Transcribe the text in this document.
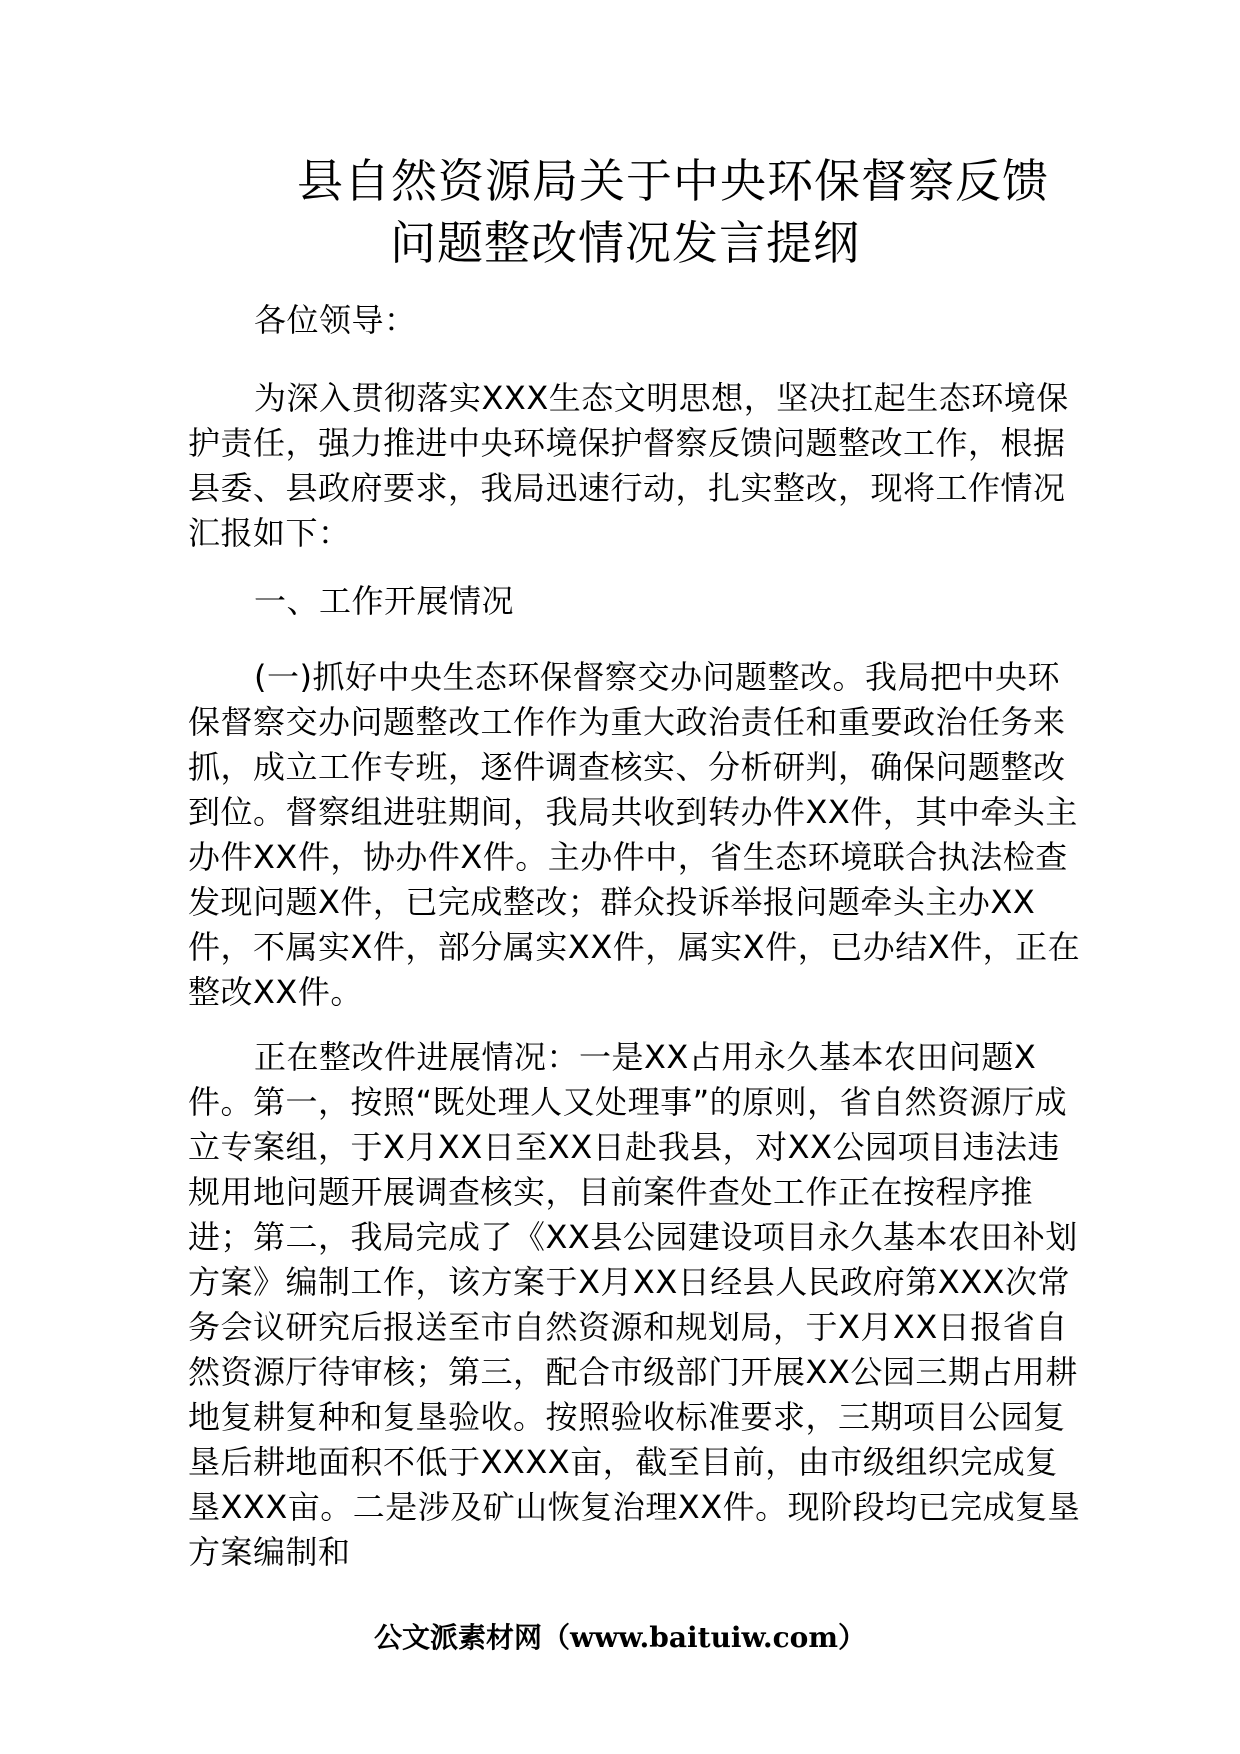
县自然资源局关于中央环保督察反馈
问题整改情况发言提纲

各位领导：

为深入贯彻落实XXX生态文明思想，坚决扛起生态环境保护责任，强力推进中央环境保护督察反馈问题整改工作，根据县委、县政府要求，我局迅速行动，扎实整改，现将工作情况汇报如下：

一、工作开展情况

(一)抓好中央生态环保督察交办问题整改。我局把中央环保督察交办问题整改工作作为重大政治责任和重要政治任务来抓，成立工作专班，逐件调查核实、分析研判，确保问题整改到位。督察组进驻期间，我局共收到转办件XX件，其中牵头主办件XX件，协办件X件。主办件中，省生态环境联合执法检查发现问题X件，已完成整改；群众投诉举报问题牵头主办XX件，不属实X件，部分属实XX件，属实X件，已办结X件，正在整改XX件。

正在整改件进展情况：一是XX占用永久基本农田问题X件。第一，按照“既处理人又处理事”的原则，省自然资源厅成立专案组，于X月XX日至XX日赴我县，对XX公园项目违法违规用地问题开展调查核实，目前案件查处工作正在按程序推进；第二，我局完成了《XX县公园建设项目永久基本农田补划方案》编制工作，该方案于X月XX日经县人民政府第XXX次常务会议研究后报送至市自然资源和规划局，于X月XX日报省自然资源厅待审核；第三，配合市级部门开展XX公园三期占用耕地复耕复种和复垦验收。按照验收标准要求，三期项目公园复垦后耕地面积不低于XXXX亩，截至目前，由市级组织完成复垦XXX亩。二是涉及矿山恢复治理XX件。现阶段均已完成复垦方案编制和

公文派素材网（www.baituiw.com）
